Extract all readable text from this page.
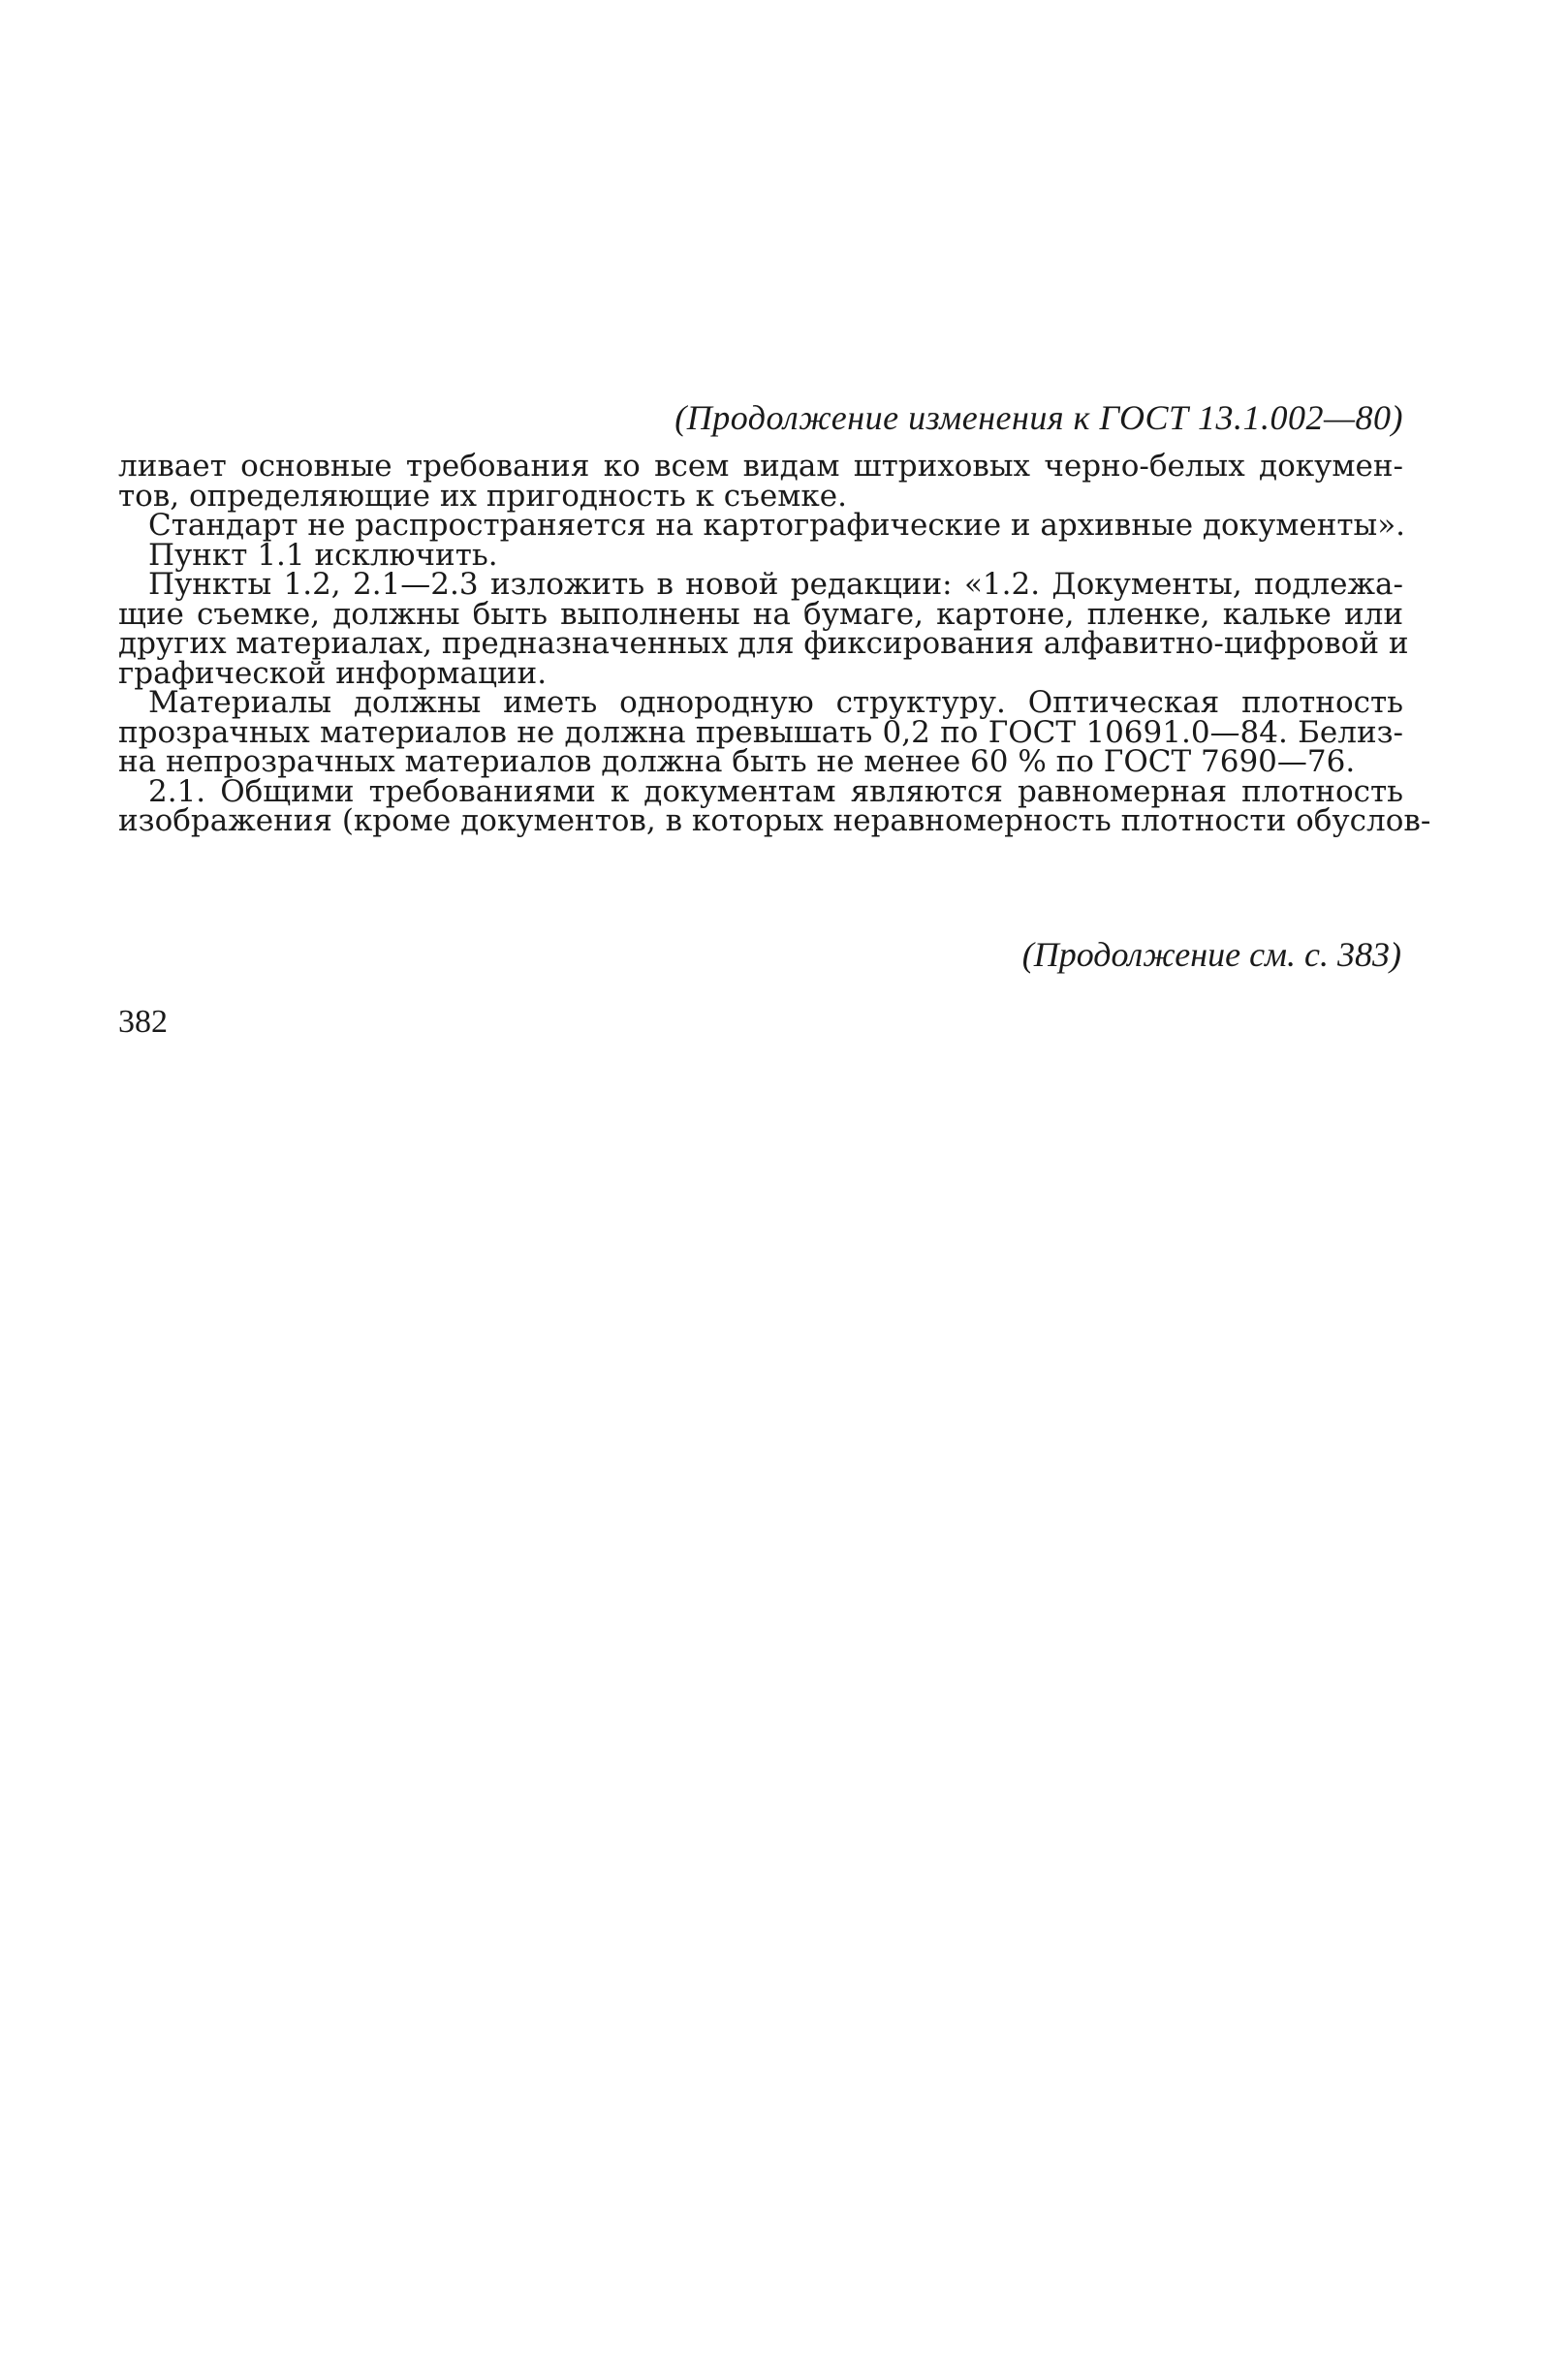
(Продолжение изменения к ГОСТ 13.1.002—80)
ливает основные требования ко всем видам штриховых черно-белых докумен-
тов, определяющие их пригодность к съемке.
Стандарт не распространяется на картографические и архивные документы».
Пункт 1.1 исключить.
Пункты 1.2, 2.1—2.3 изложить в новой редакции: «1.2. Документы, подлежа-
щие съемке, должны быть выполнены на бумаге, картоне, пленке, кальке или
других материалах, предназначенных для фиксирования алфавитно-цифровой и
графической информации.
Материалы должны иметь однородную структуру. Оптическая плотность
прозрачных материалов не должна превышать 0,2 по ГОСТ 10691.0—84. Белиз-
на непрозрачных материалов должна быть не менее 60 % по ГОСТ 7690—76.
2.1. Общими требованиями к документам являются равномерная плотность
изображения (кроме документов, в которых неравномерность плотности обуслов-
(Продолжение см. с. 383)
382
